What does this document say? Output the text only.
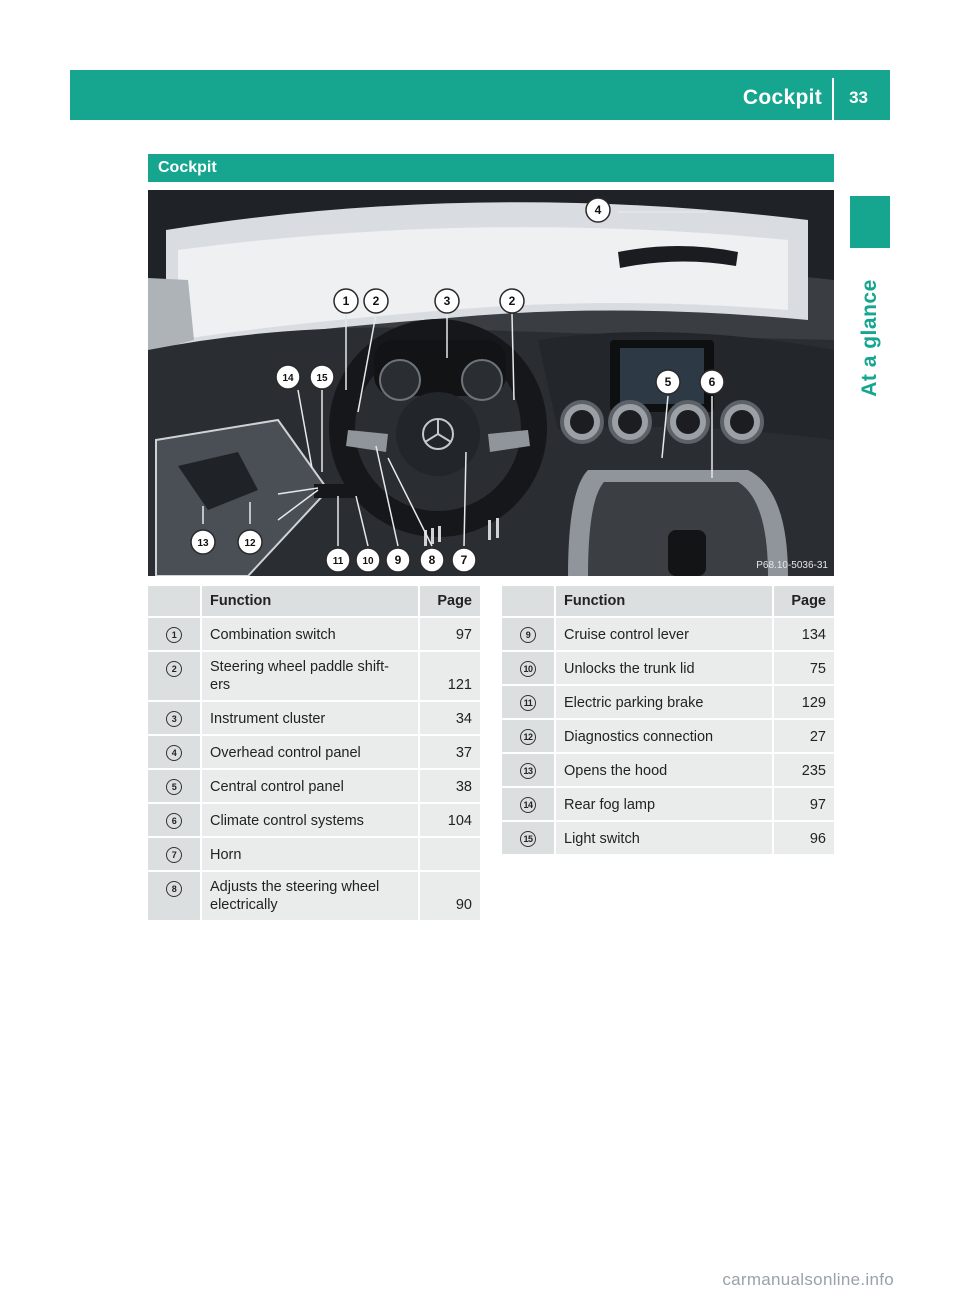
Cockpit 33
At a glance
Cockpit
1 2	3	2
4
14 15	5	6
13	12
11 10 9 8 7	P68.10-5036-31
	Function	Page
1	Combination switch	97
2	Steering wheel paddle shift-
ers	121
3	Instrument cluster	34
4	Overhead control panel	37
5	Central control panel	38
6	Climate control systems	104
7	Horn	
8	Adjusts the steering wheel
electrically	90
	Function	Page
9	Cruise control lever	134
10	Unlocks the trunk lid	75
11	Electric parking brake	129
12	Diagnostics connection	27
13	Opens the hood	235
14	Rear fog lamp	97
15	Light switch	96
carmanualsonline.info
